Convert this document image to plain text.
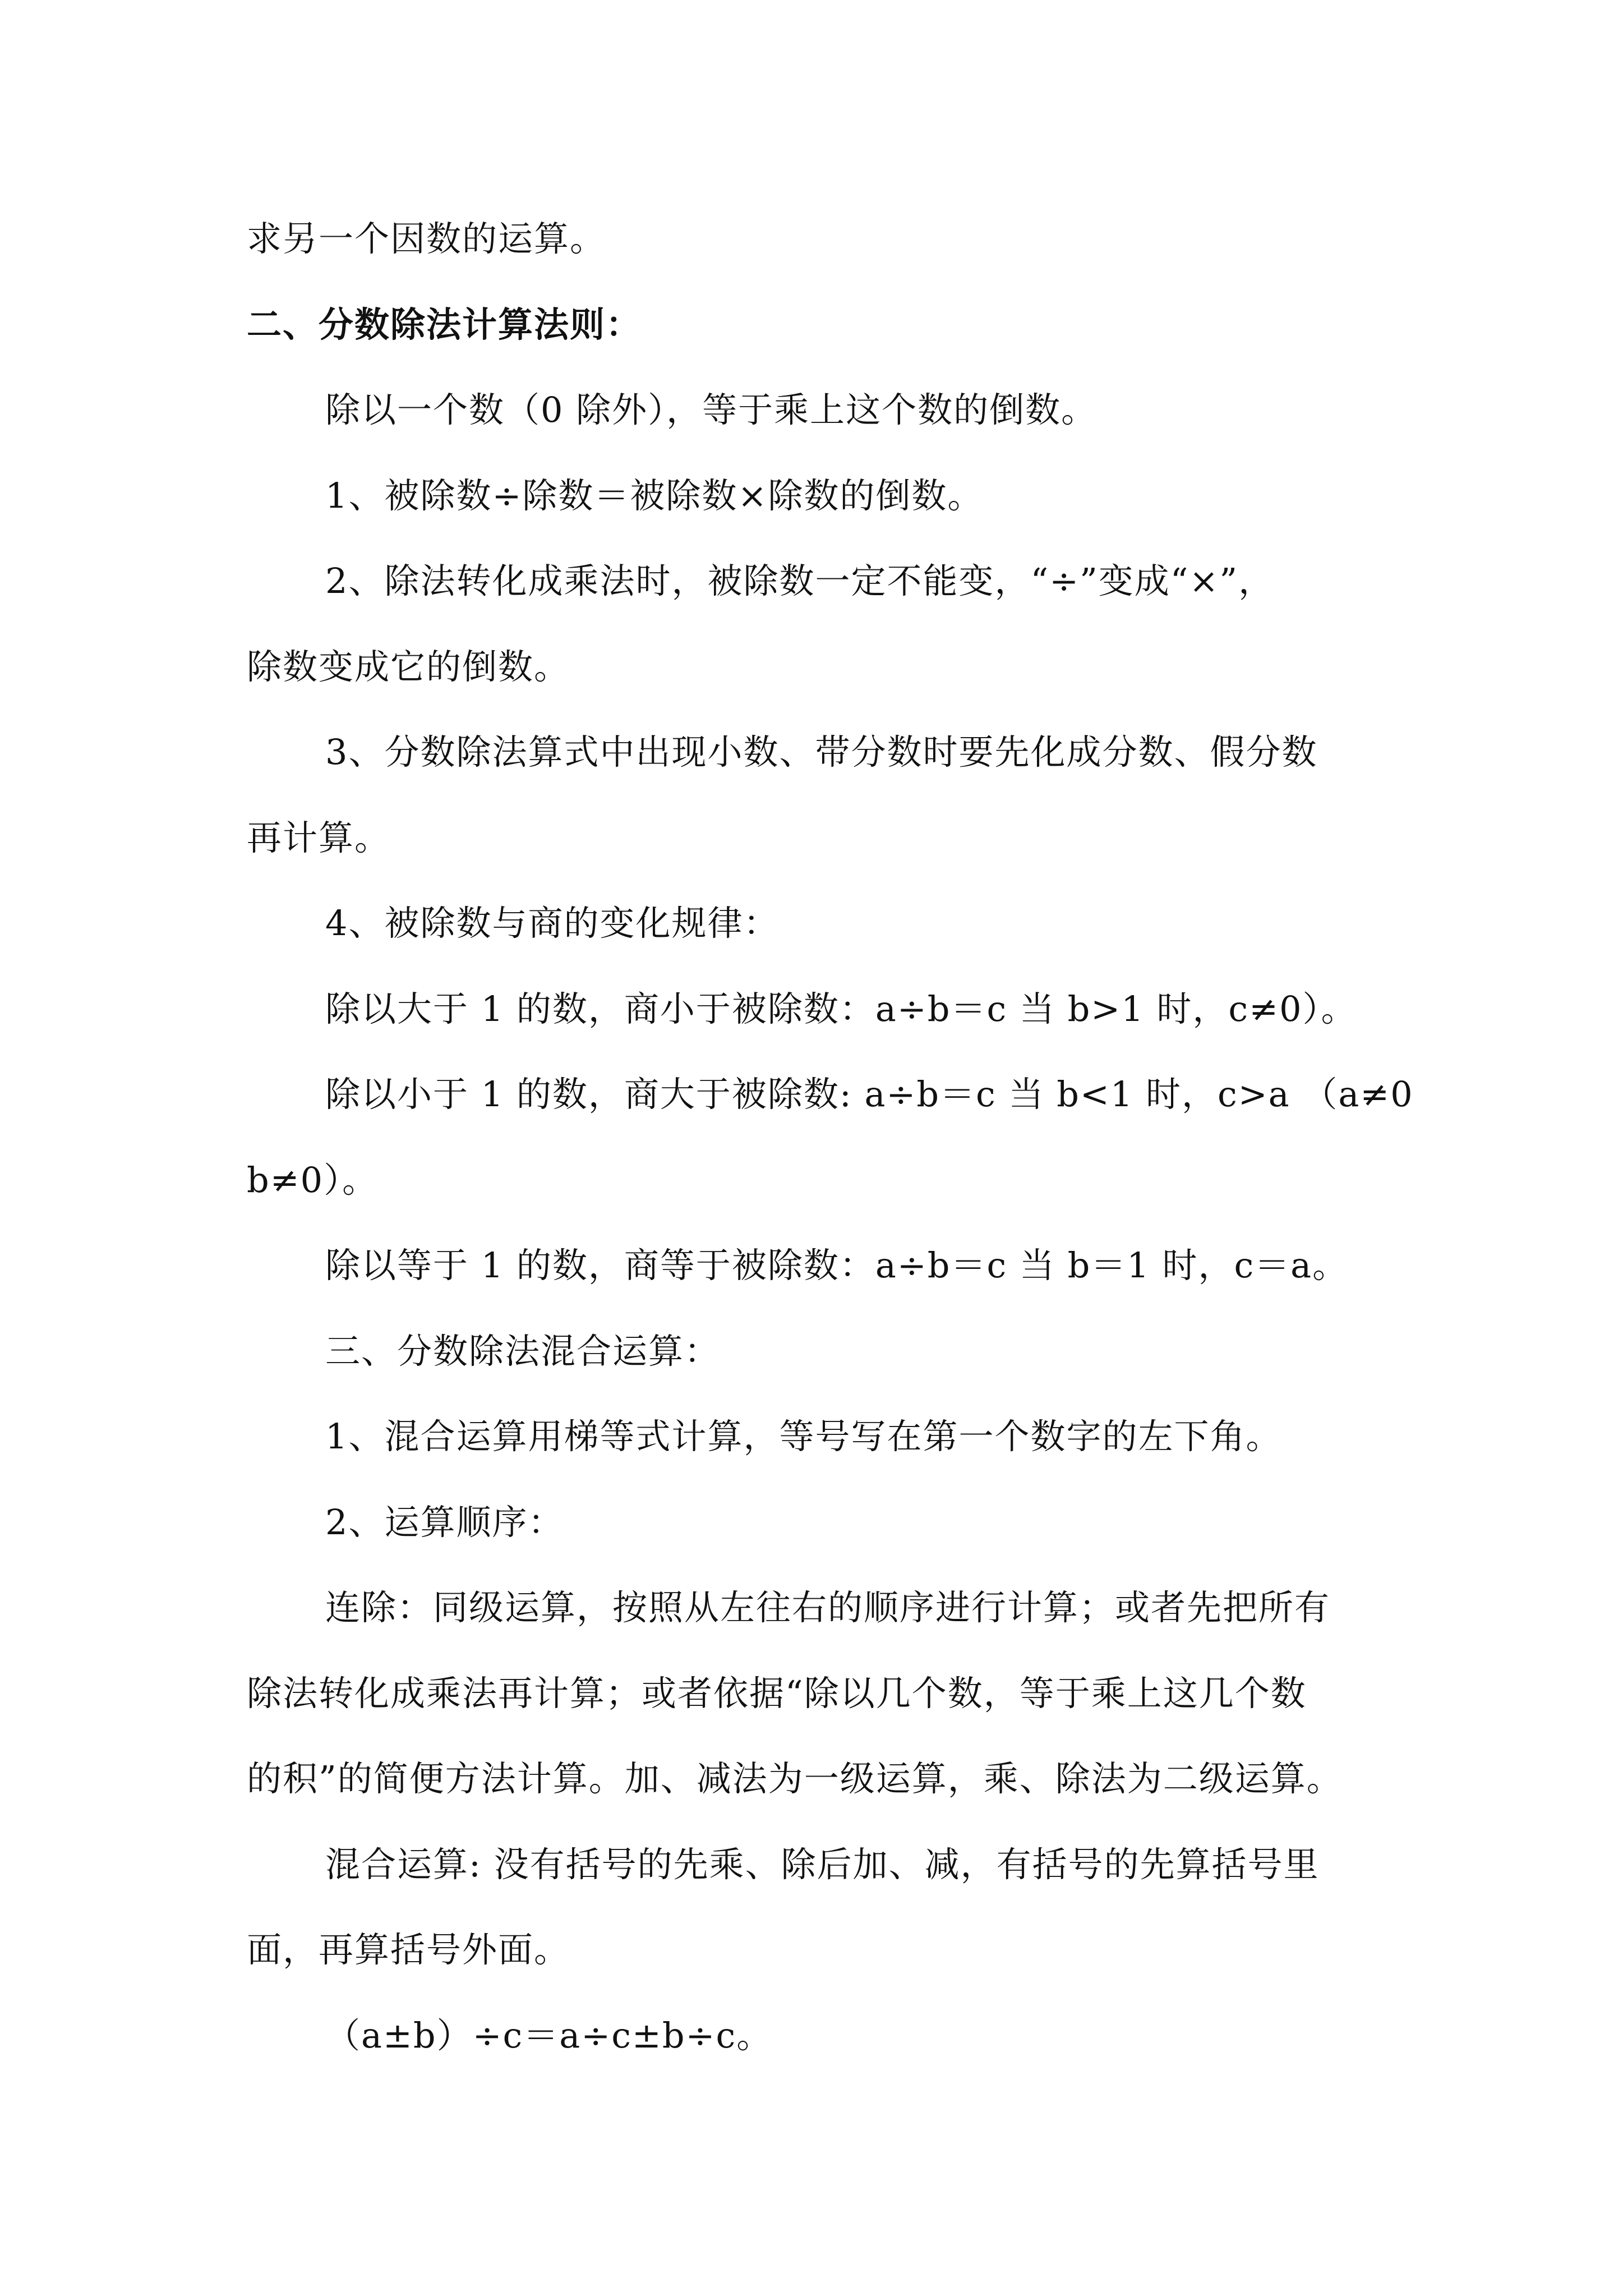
求另一个因数的运算。
二、分数除法计算法则：
除以一个数（0 除外），等于乘上这个数的倒数。
1、被除数÷除数＝被除数×除数的倒数。
2、除法转化成乘法时，被除数一定不能变，“÷”变成“×”，
除数变成它的倒数。
3、分数除法算式中出现小数、带分数时要先化成分数、假分数
再计算。
4、被除数与商的变化规律：
除以大于 1 的数，商小于被除数：a÷b＝c 当 b>1 时，c≠0）。
除以小于 1 的数，商大于被除数: a÷b＝c 当 b<1 时，c>a （a≠0
b≠0）。
除以等于 1 的数，商等于被除数：a÷b＝c 当 b＝1 时，c＝a。
三、分数除法混合运算：
1、混合运算用梯等式计算，等号写在第一个数字的左下角。
2、运算顺序：
连除：同级运算，按照从左往右的顺序进行计算；或者先把所有
除法转化成乘法再计算；或者依据“除以几个数，等于乘上这几个数
的积”的简便方法计算。加、减法为一级运算，乘、除法为二级运算。
混合运算: 没有括号的先乘、除后加、减，有括号的先算括号里
面，再算括号外面。
（a±b）÷c＝a÷c±b÷c。
